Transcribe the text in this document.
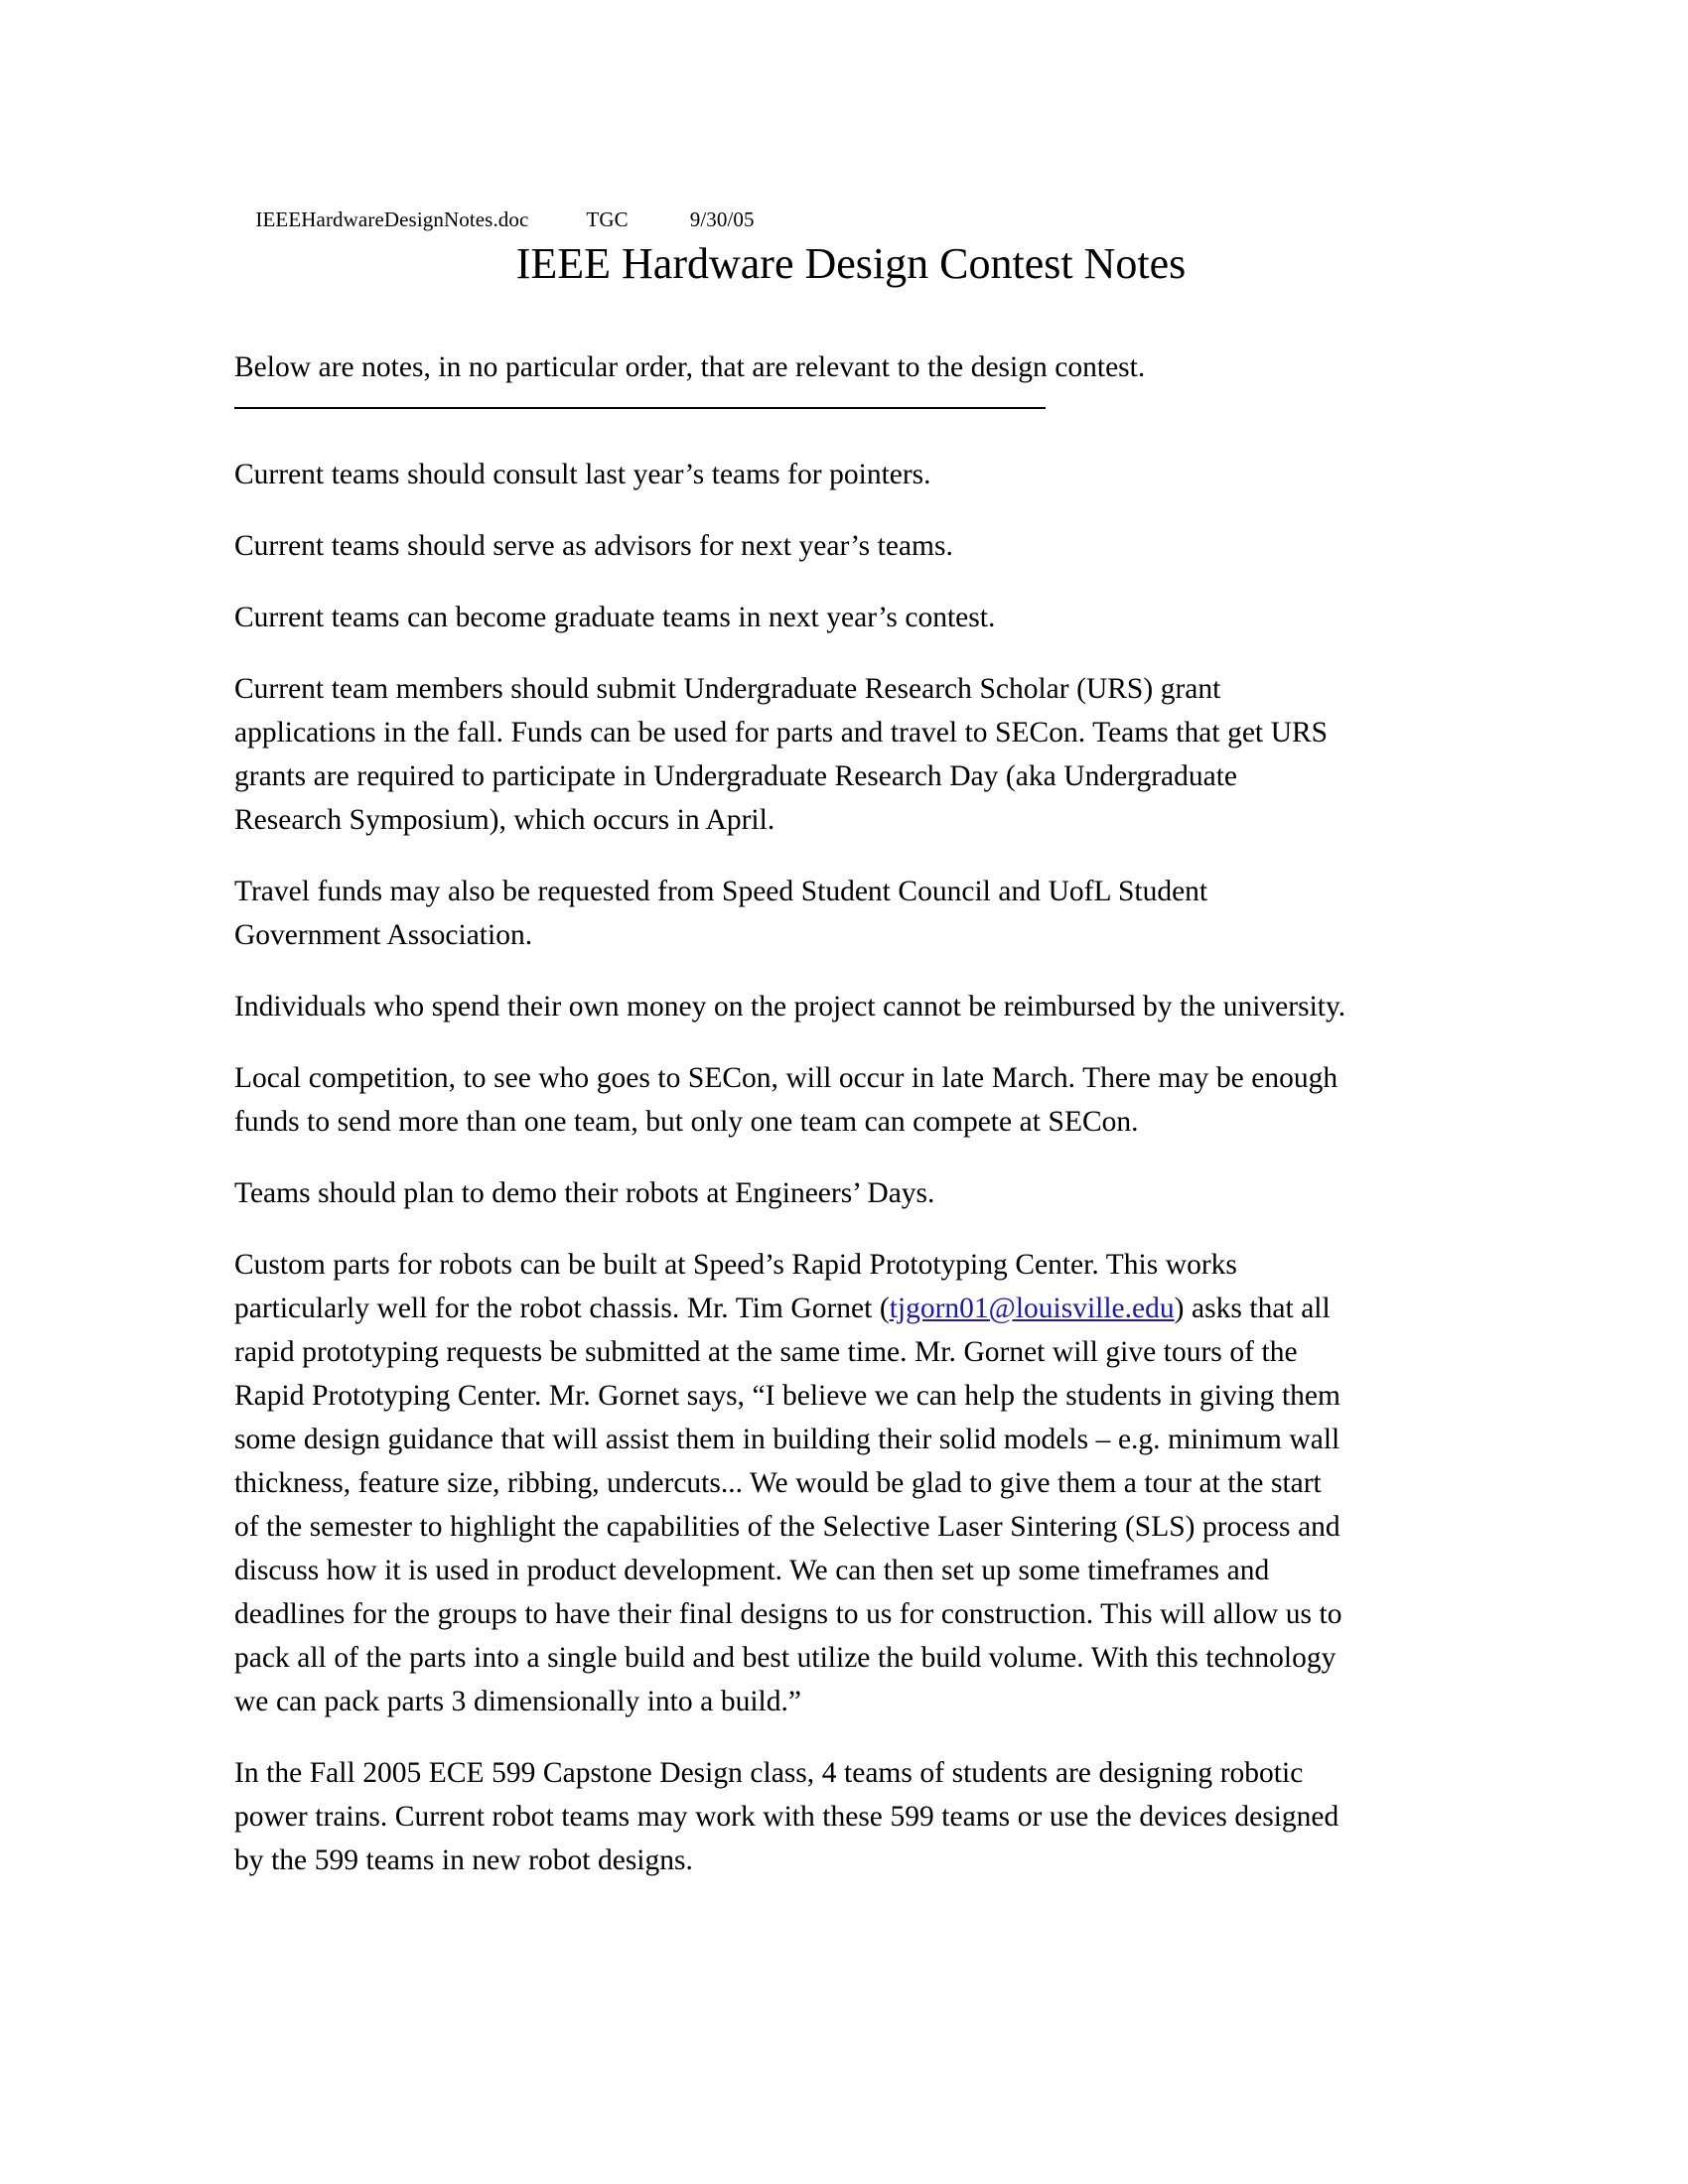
IEEEHardwareDesignNotes.doc	TGC	9/30/05

IEEE Hardware Design Contest Notes

Below are notes, in no particular order, that are relevant to the design contest.

Current teams should consult last year’s teams for pointers.

Current teams should serve as advisors for next year’s teams.

Current teams can become graduate teams in next year’s contest.

Current team members should submit Undergraduate Research Scholar (URS) grant applications in the fall. Funds can be used for parts and travel to SECon. Teams that get URS grants are required to participate in Undergraduate Research Day (aka Undergraduate Research Symposium), which occurs in April.

Travel funds may also be requested from Speed Student Council and UofL Student Government Association.

Individuals who spend their own money on the project cannot be reimbursed by the university.

Local competition, to see who goes to SECon, will occur in late March. There may be enough funds to send more than one team, but only one team can compete at SECon.

Teams should plan to demo their robots at Engineers’ Days.

Custom parts for robots can be built at Speed’s Rapid Prototyping Center. This works particularly well for the robot chassis. Mr. Tim Gornet (tjgorn01@louisville.edu) asks that all rapid prototyping requests be submitted at the same time. Mr. Gornet will give tours of the Rapid Prototyping Center. Mr. Gornet says, “I believe we can help the students in giving them some design guidance that will assist them in building their solid models – e.g. minimum wall thickness, feature size, ribbing, undercuts... We would be glad to give them a tour at the start of the semester to highlight the capabilities of the Selective Laser Sintering (SLS) process and discuss how it is used in product development. We can then set up some timeframes and deadlines for the groups to have their final designs to us for construction. This will allow us to pack all of the parts into a single build and best utilize the build volume. With this technology we can pack parts 3 dimensionally into a build.”

In the Fall 2005 ECE 599 Capstone Design class, 4 teams of students are designing robotic power trains. Current robot teams may work with these 599 teams or use the devices designed by the 599 teams in new robot designs.
